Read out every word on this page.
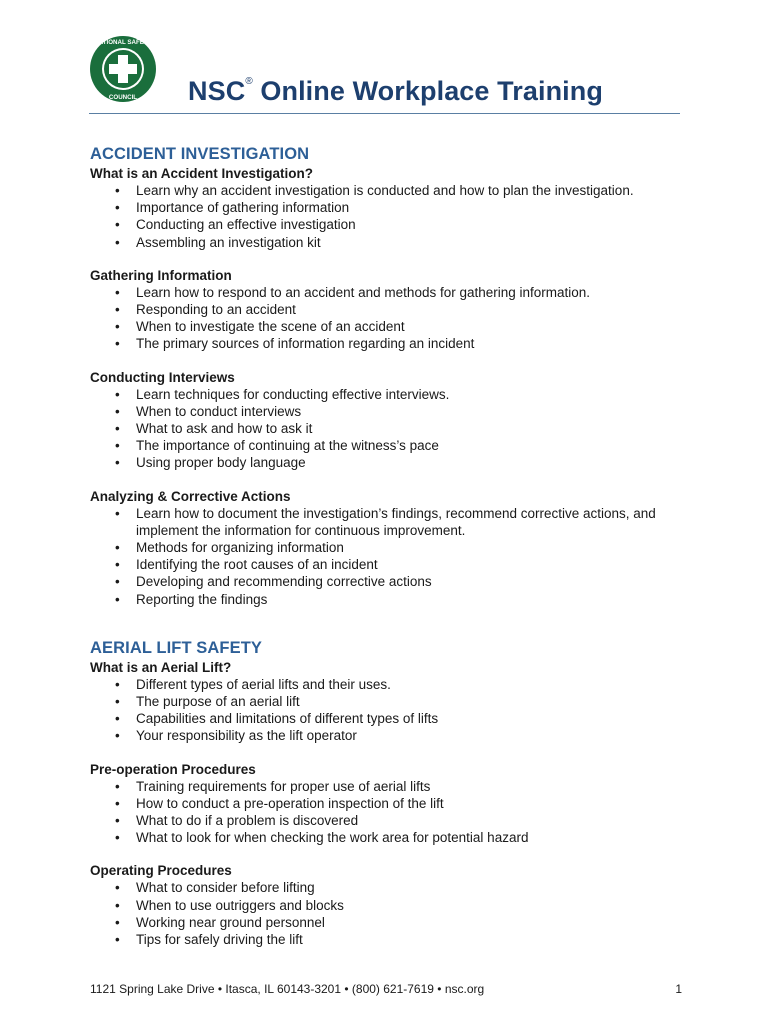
NATIONAL SAFETY
COUNCIL NSC® Online Workplace Training
ACCIDENT INVESTIGATION
What is an Accident Investigation?
• Learn why an accident investigation is conducted and how to plan the investigation.
• Importance of gathering information
• Conducting an effective investigation
• Assembling an investigation kit
Gathering Information
• Learn how to respond to an accident and methods for gathering information.
• Responding to an accident
• When to investigate the scene of an accident
• The primary sources of information regarding an incident
Conducting Interviews
• Learn techniques for conducting effective interviews.
• When to conduct interviews
• What to ask and how to ask it
• The importance of continuing at the witness’s pace
• Using proper body language
Analyzing & Corrective Actions
• Learn how to document the investigation’s findings, recommend corrective actions, and implement the information for continuous improvement.
• Methods for organizing information
• Identifying the root causes of an incident
• Developing and recommending corrective actions
• Reporting the findings
AERIAL LIFT SAFETY
What is an Aerial Lift?
• Different types of aerial lifts and their uses.
• The purpose of an aerial lift
• Capabilities and limitations of different types of lifts
• Your responsibility as the lift operator
Pre-operation Procedures
• Training requirements for proper use of aerial lifts
• How to conduct a pre-operation inspection of the lift
• What to do if a problem is discovered
• What to look for when checking the work area for potential hazard
Operating Procedures
• What to consider before lifting
• When to use outriggers and blocks
• Working near ground personnel
• Tips for safely driving the lift
1121 Spring Lake Drive • Itasca, IL 60143-3201 • (800) 621-7619 • nsc.org	1
